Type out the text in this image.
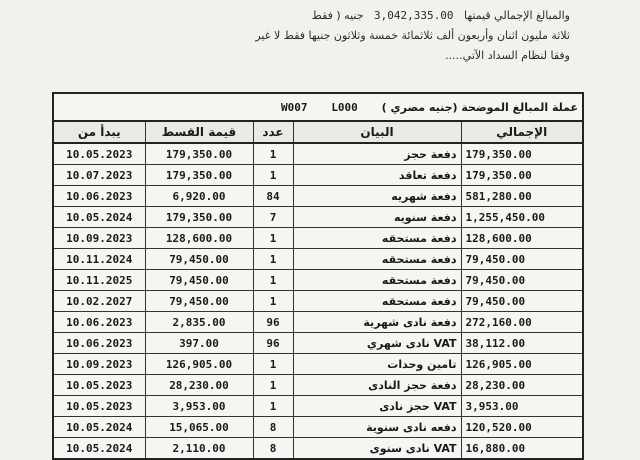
والمبالغ الإجمالي قيمتها   3,042,335.00   جنيه ( فقط
ثلاثة مليون اثنان وأربعون ألف ثلاثمائة خمسة وثلاثون جنيها فقط لا غير
وفقا لنظام السداد الآتي.....
عملة المبالغ الموضحة (جنيه مصري ) L000 W007				
يبدأ من	قيمة القسط	عدد	البيان	الإجمالي
10.05.2023	179,350.00	1	دفعة حجز	179,350.00
10.07.2023	179,350.00	1	دفعة تعاقد	179,350.00
10.06.2023	6,920.00	84	دفعة شهريه	581,280.00
10.05.2024	179,350.00	7	دفعة سنويه	1,255,450.00
10.09.2023	128,600.00	1	دفعة مستحقه	128,600.00
10.11.2024	79,450.00	1	دفعة مستحقه	79,450.00
10.11.2025	79,450.00	1	دفعة مستحقه	79,450.00
10.02.2027	79,450.00	1	دفعة مستحقه	79,450.00
10.06.2023	2,835.00	96	دفعة نادى شهرية	272,160.00
10.06.2023	397.00	96	VAT نادى شهري	38,112.00
10.09.2023	126,905.00	1	تامين وحدات	126,905.00
10.05.2023	28,230.00	1	دفعة حجز النادى	28,230.00
10.05.2023	3,953.00	1	VAT حجز نادى	3,953.00
10.05.2024	15,065.00	8	دفعه نادى سنوية	120,520.00
10.05.2024	2,110.00	8	VAT نادى سنوى	16,880.00
